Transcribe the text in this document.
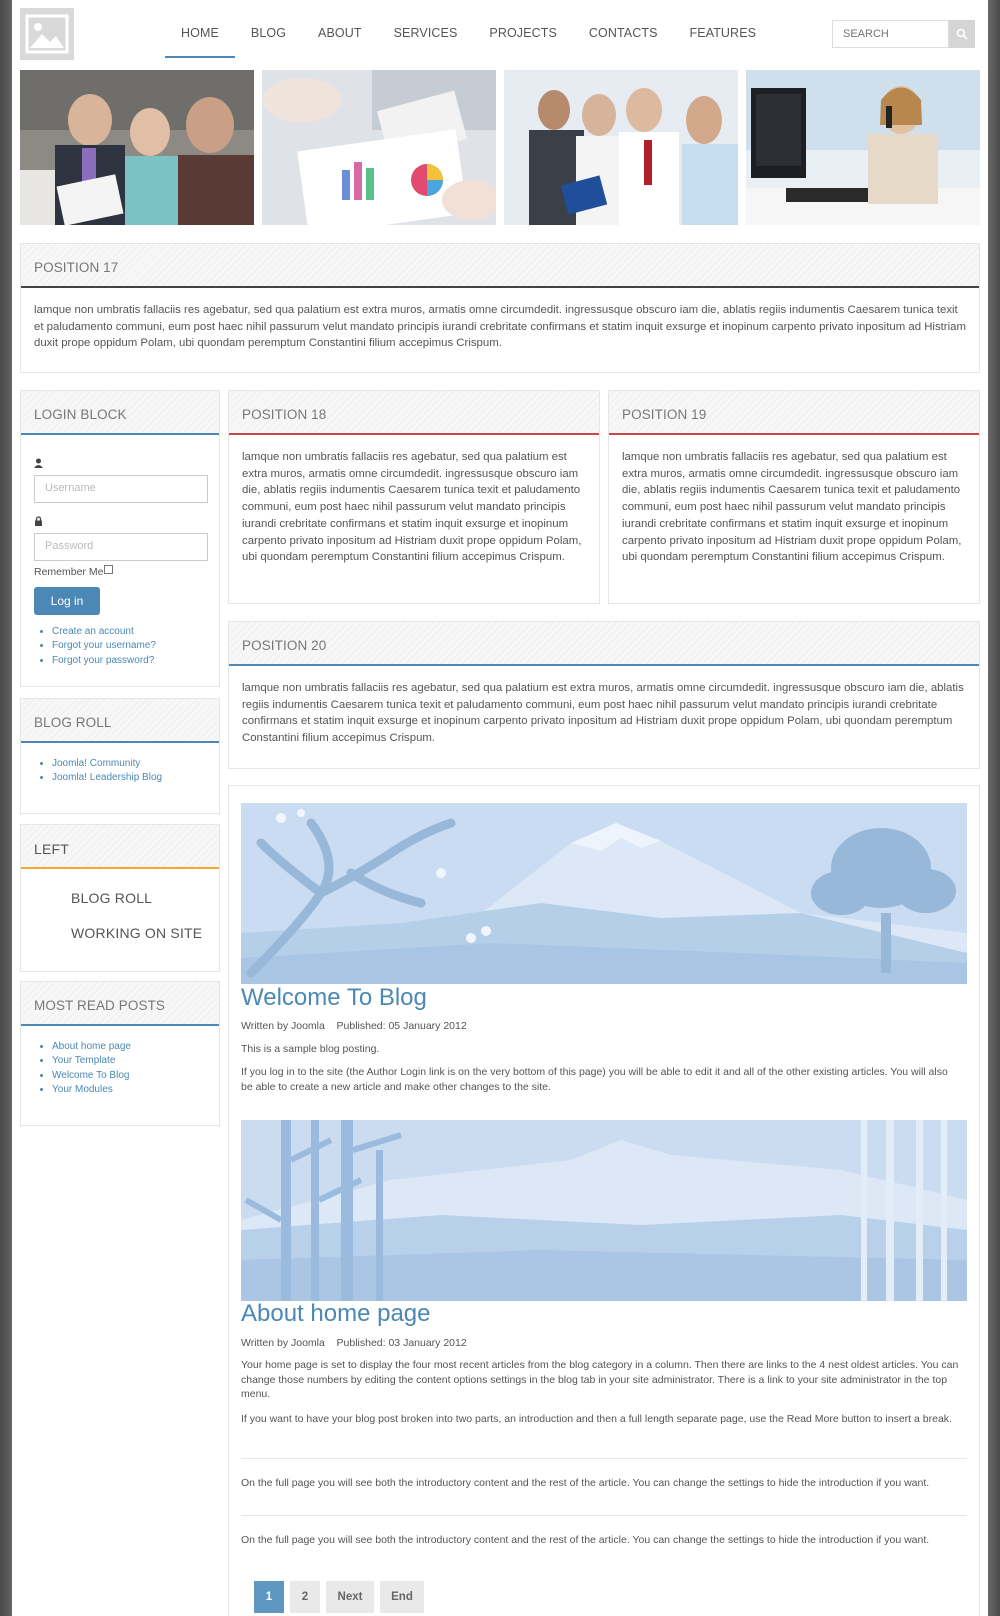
HOME	BLOG	ABOUT	SERVICES	PROJECTS	CONTACTS	FEATURES
SEARCH
POSITION 17
lamque non umbratis fallaciis res agebatur, sed qua palatium est extra muros, armatis omne circumdedit. ingressusque obscuro iam die, ablatis regiis indumentis Caesarem tunica texit et paludamento communi, eum post haec nihil passurum velut mandato principis iurandi crebritate confirmans et statim inquit exsurge et inopinum carpento privato inpositum ad Histriam duxit prope oppidum Polam, ubi quondam peremptum Constantini filium accepimus Crispum.
LOGIN BLOCK
Username
Password
Remember Me
Log in
• Create an account
• Forgot your username?
• Forgot your password?
BLOG ROLL
• Joomla! Community
• Joomla! Leadership Blog
LEFT
BLOG ROLL
WORKING ON SITE
MOST READ POSTS
• About home page
• Your Template
• Welcome To Blog
• Your Modules
POSITION 18
lamque non umbratis fallaciis res agebatur, sed qua palatium est extra muros, armatis omne circumdedit. ingressusque obscuro iam die, ablatis regiis indumentis Caesarem tunica texit et paludamento communi, eum post haec nihil passurum velut mandato principis iurandi crebritate confirmans et statim inquit exsurge et inopinum carpento privato inpositum ad Histriam duxit prope oppidum Polam, ubi quondam peremptum Constantini filium accepimus Crispum.
POSITION 19
lamque non umbratis fallaciis res agebatur, sed qua palatium est extra muros, armatis omne circumdedit. ingressusque obscuro iam die, ablatis regiis indumentis Caesarem tunica texit et paludamento communi, eum post haec nihil passurum velut mandato principis iurandi crebritate confirmans et statim inquit exsurge et inopinum carpento privato inpositum ad Histriam duxit prope oppidum Polam, ubi quondam peremptum Constantini filium accepimus Crispum.
POSITION 20
lamque non umbratis fallaciis res agebatur, sed qua palatium est extra muros, armatis omne circumdedit. ingressusque obscuro iam die, ablatis regiis indumentis Caesarem tunica texit et paludamento communi, eum post haec nihil passurum velut mandato principis iurandi crebritate confirmans et statim inquit exsurge et inopinum carpento privato inpositum ad Histriam duxit prope oppidum Polam, ubi quondam peremptum Constantini filium accepimus Crispum.
Welcome To Blog
Written by Joomla Published: 05 January 2012
This is a sample blog posting.
If you log in to the site (the Author Login link is on the very bottom of this page) you will be able to edit it and all of the other existing articles. You will also be able to create a new article and make other changes to the site.
About home page
Written by Joomla Published: 03 January 2012
Your home page is set to display the four most recent articles from the blog category in a column. Then there are links to the 4 nest oldest articles. You can change those numbers by editing the content options settings in the blog tab in your site administrator. There is a link to your site administrator in the top menu.
If you want to have your blog post broken into two parts, an introduction and then a full length separate page, use the Read More button to insert a break.
On the full page you will see both the introductory content and the rest of the article. You can change the settings to hide the introduction if you want.
On the full page you will see both the introductory content and the rest of the article. You can change the settings to hide the introduction if you want.
1	2	Next	End
